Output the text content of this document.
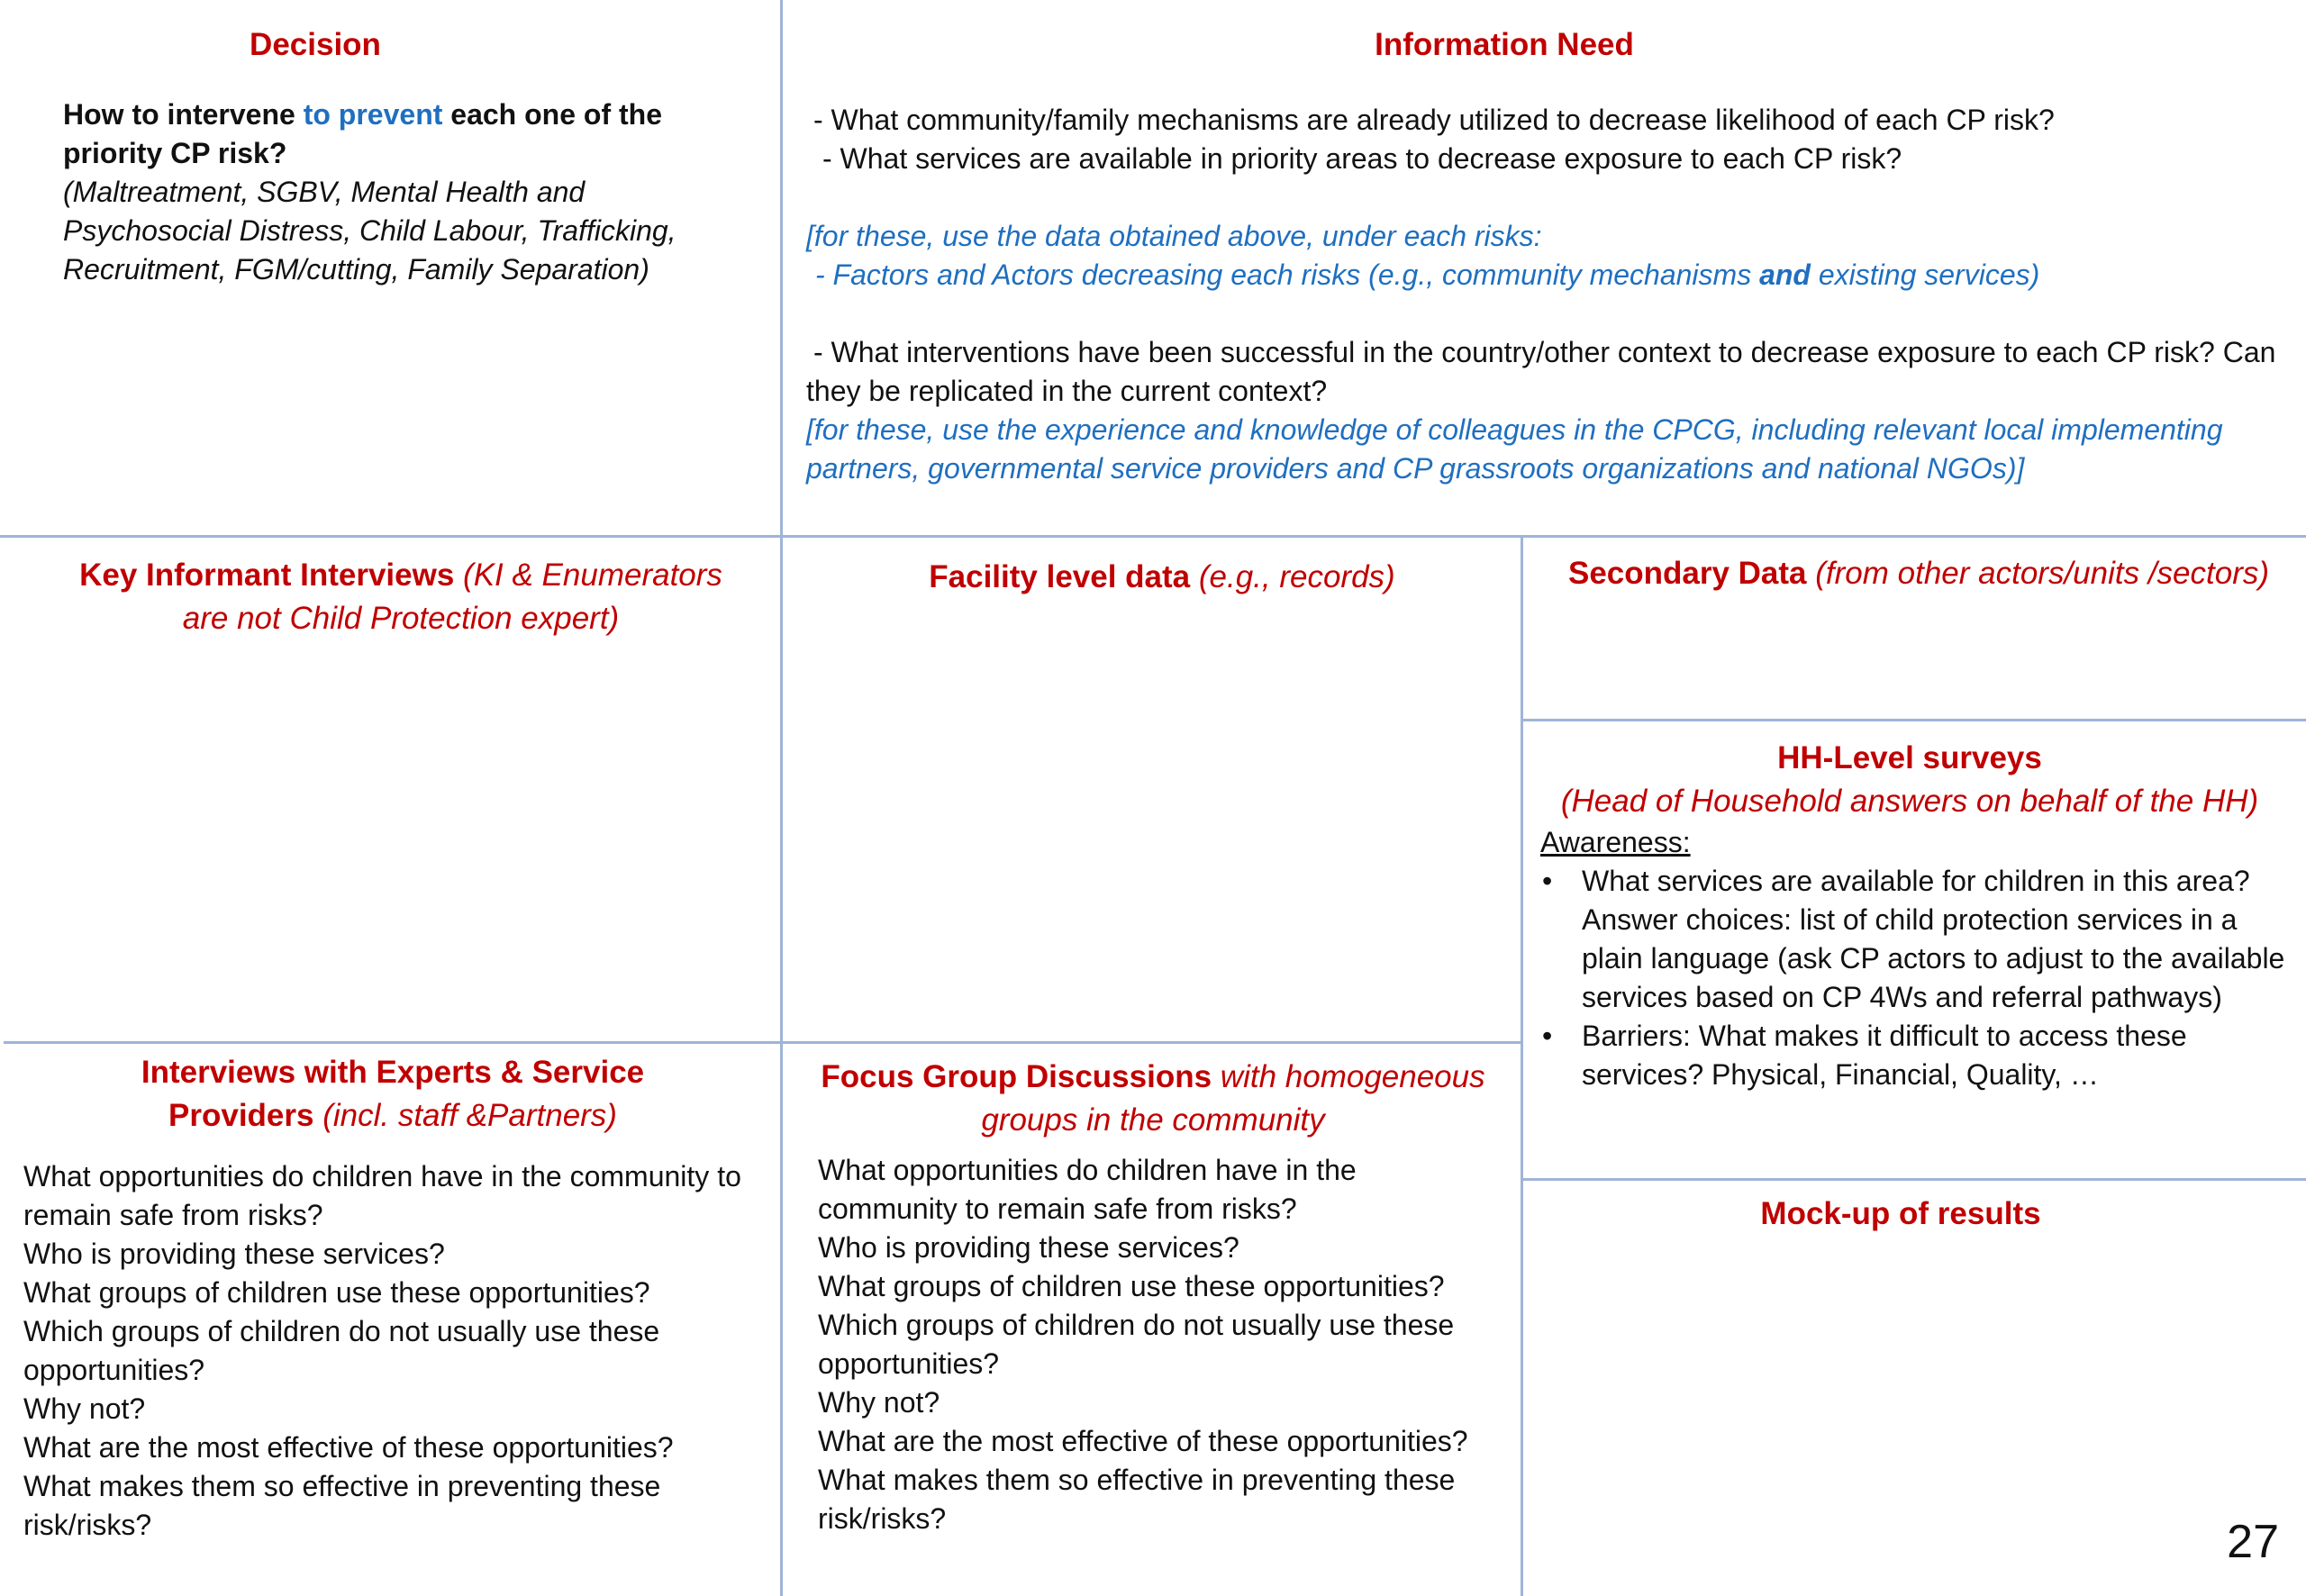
Decision
How to intervene to prevent each one of the priority CP risk?
(Maltreatment, SGBV, Mental Health and Psychosocial Distress, Child Labour, Trafficking, Recruitment, FGM/cutting, Family Separation)
Information Need
- What community/family mechanisms are already utilized to decrease likelihood of each CP risk?
- What services are available in priority areas to decrease exposure to each CP risk?
[for these, use the data obtained above, under each risks:
- Factors and Actors decreasing each risks (e.g., community mechanisms and existing services)
- What interventions have been successful in the country/other context to decrease exposure to each CP risk? Can they be replicated in the current context?
[for these, use the experience and knowledge of colleagues in the CPCG, including relevant local implementing partners, governmental service providers and CP grassroots organizations and national NGOs)]
Key Informant Interviews (KI & Enumerators are not Child Protection expert)
Facility level data (e.g., records)	Secondary Data (from other actors/units /sectors)
HH-Level surveys
(Head of Household answers on behalf of the HH)
Awareness:
• What services are available for children in this area? Answer choices: list of child protection services in a plain language (ask CP actors to adjust to the available services based on CP 4Ws and referral pathways)
• Barriers: What makes it difficult to access these services? Physical, Financial, Quality, …
Interviews with Experts & Service Providers (incl. staff &Partners)
What opportunities do children have in the community to remain safe from risks?
Who is providing these services?
What groups of children use these opportunities?
Which groups of children do not usually use these opportunities?
Why not?
What are the most effective of these opportunities?
What makes them so effective in preventing these risk/risks?
Focus Group Discussions with homogeneous groups in the community
What opportunities do children have in the community to remain safe from risks?
Who is providing these services?
What groups of children use these opportunities?
Which groups of children do not usually use these opportunities?
Why not?
What are the most effective of these opportunities? What makes them so effective in preventing these risk/risks?
Mock-up of results
27
